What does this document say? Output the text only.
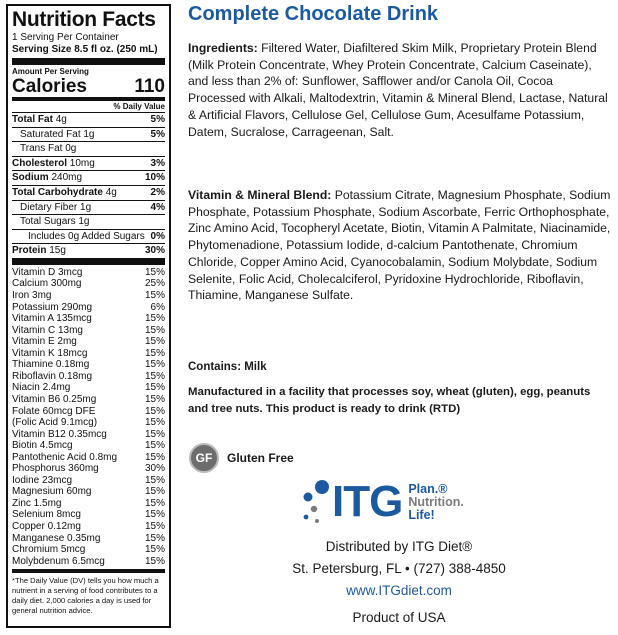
Nutrition Facts
1 Serving Per Container
Serving Size 8.5 fl oz. (250 mL)
Amount Per Serving
Calories 110
% Daily Value
Total Fat 4g	5%
Saturated Fat 1g	5%
Trans Fat 0g
Cholesterol 10mg	3%
Sodium 240mg	10%
Total Carbohydrate 4g	2%
Dietary Fiber 1g	4%
Total Sugars 1g
Includes 0g Added Sugars 0%
Protein 15g	30%
Vitamin D 3mcg	15%
Calcium 300mg	25%
Iron 3mg	15%
Potassium 290mg	6%
Vitamin A 135mcg	15%
Vitamin C 13mg	15%
Vitamin E 2mg	15%
Vitamin K 18mcg	15%
Thiamine 0.18mg	15%
Riboflavin 0.18mg	15%
Niacin 2.4mg	15%
Vitamin B6 0.25mg	15%
Folate 60mcg DFE	15%
(Folic Acid 9.1mcg)	15%
Vitamin B12 0.35mcg	15%
Biotin 4.5mcg	15%
Pantothenic Acid 0.8mg	15%
Phosphorus 360mg	30%
Iodine 23mcg	15%
Magnesium 60mg	15%
Zinc 1.5mg	15%
Selenium 8mcg	15%
Copper 0.12mg	15%
Manganese 0.35mg	15%
Chromium 5mcg	15%
Molybdenum 6.5mcg	15%
*The Daily Value (DV) tells you how much a nutrient in a serving of food contributes to a daily diet. 2,000 calories a day is used for general nutrition advice.
Complete Chocolate Drink
Ingredients: Filtered Water, Diafiltered Skim Milk, Proprietary Protein Blend (Milk Protein Concentrate, Whey Protein Concentrate, Calcium Caseinate), and less than 2% of: Sunflower, Safflower and/or Canola Oil, Cocoa Processed with Alkali, Maltodextrin, Vitamin & Mineral Blend, Lactase, Natural & Artificial Flavors, Cellulose Gel, Cellulose Gum, Acesulfame Potassium, Datem, Sucralose, Carrageenan, Salt.
Vitamin & Mineral Blend: Potassium Citrate, Magnesium Phosphate, Sodium Phosphate, Potassium Phosphate, Sodium Ascorbate, Ferric Orthophosphate, Zinc Amino Acid, Tocopheryl Acetate, Biotin, Vitamin A Palmitate, Niacinamide, Phytomenadione, Potassium Iodide, d-calcium Pantothenate, Chromium Chloride, Copper Amino Acid, Cyanocobalamin, Sodium Molybdate, Sodium Selenite, Folic Acid, Cholecalciferol, Pyridoxine Hydrochloride, Riboflavin, Thiamine, Manganese Sulfate.
Contains: Milk
Manufactured in a facility that processes soy, wheat (gluten), egg, peanuts and tree nuts. This product is ready to drink (RTD)
GF	Gluten Free
ITG Plan.®
Nutrition.
Life!
Distributed by ITG Diet®
St. Petersburg, FL • (727) 388-4850
www.ITGdiet.com
Product of USA
